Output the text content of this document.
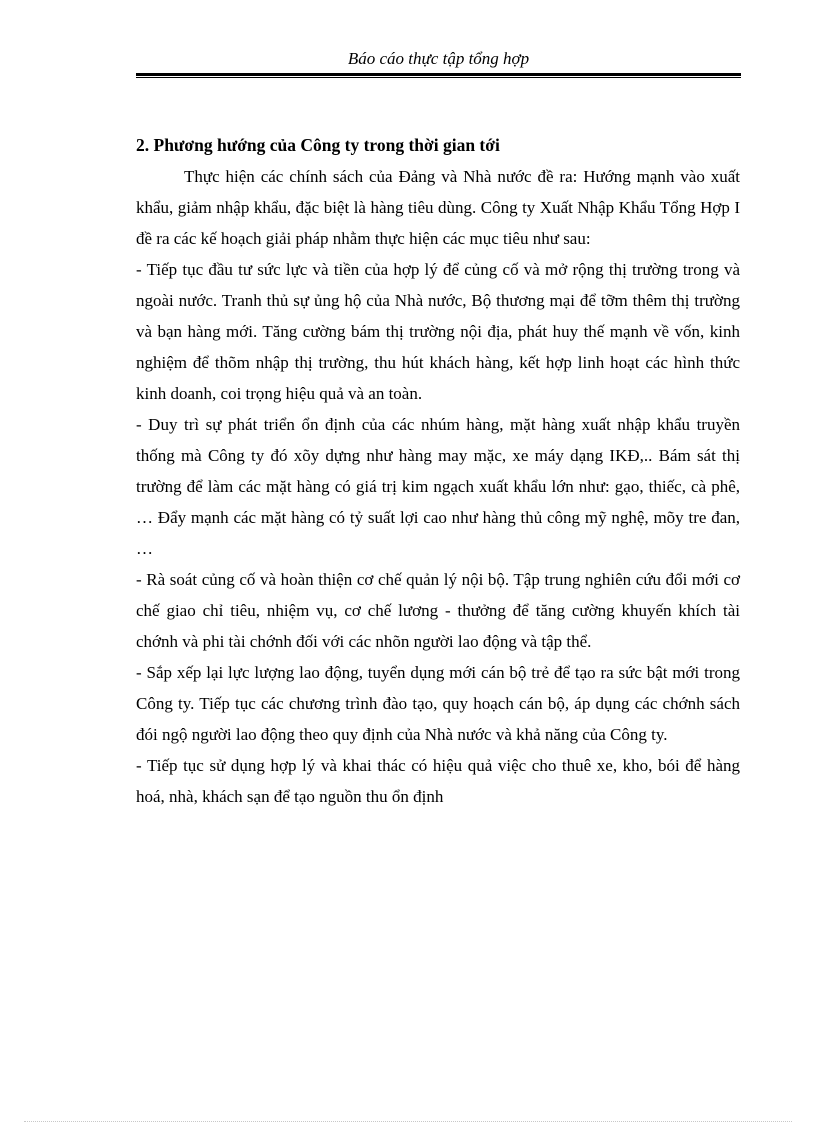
Báo cáo thực tập tổng hợp

2. Phương hướng của Công ty trong thời gian tới

Thực hiện các chính sách của Đảng và Nhà nước đề ra: Hướng mạnh vào xuất khẩu, giảm nhập khẩu, đặc biệt là hàng tiêu dùng. Công ty Xuất Nhập Khẩu Tổng Hợp I đề ra các kế hoạch giải pháp nhằm thực hiện các mục tiêu như sau:

- Tiếp tục đầu tư sức lực và tiền của hợp lý để củng cố và mở rộng thị trường trong và ngoài nước. Tranh thủ sự ủng hộ của Nhà nước, Bộ thương mại để tỡm thêm thị trường và bạn hàng mới. Tăng cường bám thị trường nội địa, phát huy thế mạnh về vốn, kinh nghiệm để thõm nhập thị trường, thu hút khách hàng, kết hợp linh hoạt các hình thức kinh doanh, coi trọng hiệu quả và an toàn.

- Duy trì sự phát triển ổn định của các nhúm hàng, mặt hàng xuất nhập khẩu truyền thống mà Công ty đó xõy dựng như hàng may mặc, xe máy dạng IKĐ,.. Bám sát thị trường để làm các mặt hàng có giá trị kim ngạch xuất khẩu lớn như: gạo, thiếc, cà phê, … Đẩy mạnh các mặt hàng có tỷ suất lợi cao như hàng thủ công mỹ nghệ, mõy tre đan, …

- Rà soát củng cố và hoàn thiện cơ chế quản lý nội bộ. Tập trung nghiên cứu đổi mới cơ chế giao chỉ tiêu, nhiệm vụ, cơ chế lương - thưởng để tăng cường khuyến khích tài chớnh và phi tài chớnh đối với các nhõn người lao động và tập thể.

- Sắp xếp lại lực lượng lao động, tuyển dụng mới cán bộ trẻ để tạo ra sức bật mới trong Công ty. Tiếp tục các chương trình đào tạo, quy hoạch cán bộ, áp dụng các chớnh sách đói ngộ người lao động theo quy định của Nhà nước và khả năng của Công ty.

- Tiếp tục sử dụng hợp lý và khai thác có hiệu quả việc cho thuê xe, kho, bói để hàng hoá, nhà, khách sạn để tạo nguồn thu ổn định
